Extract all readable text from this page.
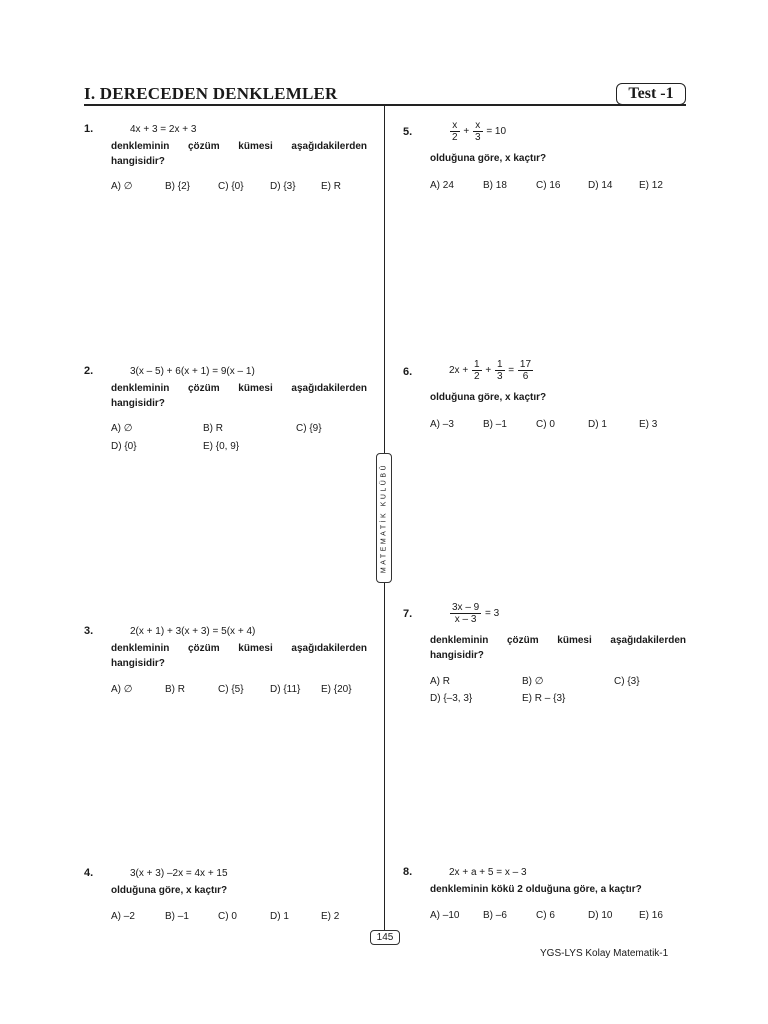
I. DERECEDEN DENKLEMLER	Test -1
MATEMATİK KULÜBÜ
1.	4x + 3 = 2x + 3
denkleminin çözüm kümesi aşağıdakilerden hangisidir?
A) ∅	B) {2}	C) {0}	D) {3}	E) R
2.	3(x – 5) + 6(x + 1) = 9(x – 1)
denkleminin çözüm kümesi aşağıdakilerden hangisidir?
A) ∅	B) R	C) {9}
D) {0}	E) {0, 9}
3.	2(x + 1) + 3(x + 3) = 5(x + 4)
denkleminin çözüm kümesi aşağıdakilerden hangisidir?
A) ∅	B) R	C) {5}	D) {11} E) {20}
4.	3(x + 3) –2x = 4x + 15
olduğuna göre, x kaçtır?
A) –2	B) –1	C) 0	D) 1	E) 2
5.	$\frac{x}{2} + \frac{x}{3} = 10$
olduğuna göre, x kaçtır?
A) 24	B) 18	C) 16	D) 14	E) 12
6.	$2x + \frac{1}{2} + \frac{1}{3} = \frac{17}{6}$
olduğuna göre, x kaçtır?
A) –3	B) –1	C) 0	D) 1	E) 3
7.	$\frac{3x - 9}{x - 3} = 3$
denkleminin çözüm kümesi aşağıdakilerden hangisidir?
A) R	B) ∅	C) {3}
D) {–3, 3}	E) R – {3}
8.	2x + a + 5 = x – 3
denkleminin kökü 2 olduğuna göre, a kaçtır?
A) –10 B) –6	C) 6	D) 10	E) 16
145
YGS-LYS Kolay Matematik-1
